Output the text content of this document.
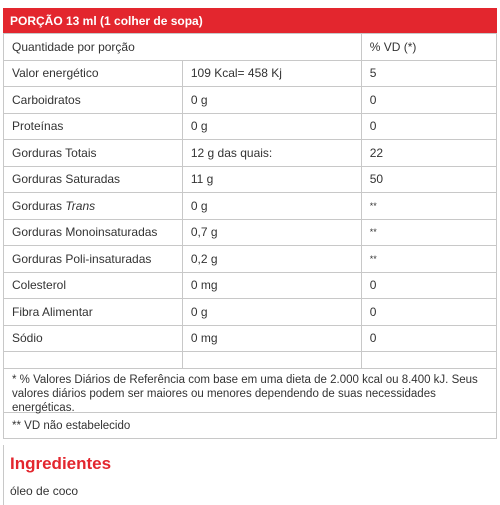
PORÇÃO 13 ml (1 colher de sopa)
Quantidade por porção		% VD (*)
Valor energético	109 Kcal= 458 Kj	5
Carboidratos	0 g	0
Proteínas	0 g	0
Gorduras Totais	12 g das quais:	22
Gorduras Saturadas	11 g	50
Gorduras Trans	0 g	**
Gorduras Monoinsaturadas	0,7 g	**
Gorduras Poli-insaturadas	0,2 g	**
Colesterol	0 mg	0
Fibra Alimentar	0 g	0
Sódio	0 mg	0

* % Valores Diários de Referência com base em uma dieta de 2.000 kcal ou 8.400 kJ. Seus valores diários podem ser maiores ou menores dependendo de suas necessidades energéticas.
** VD não estabelecido
Ingredientes
óleo de coco
